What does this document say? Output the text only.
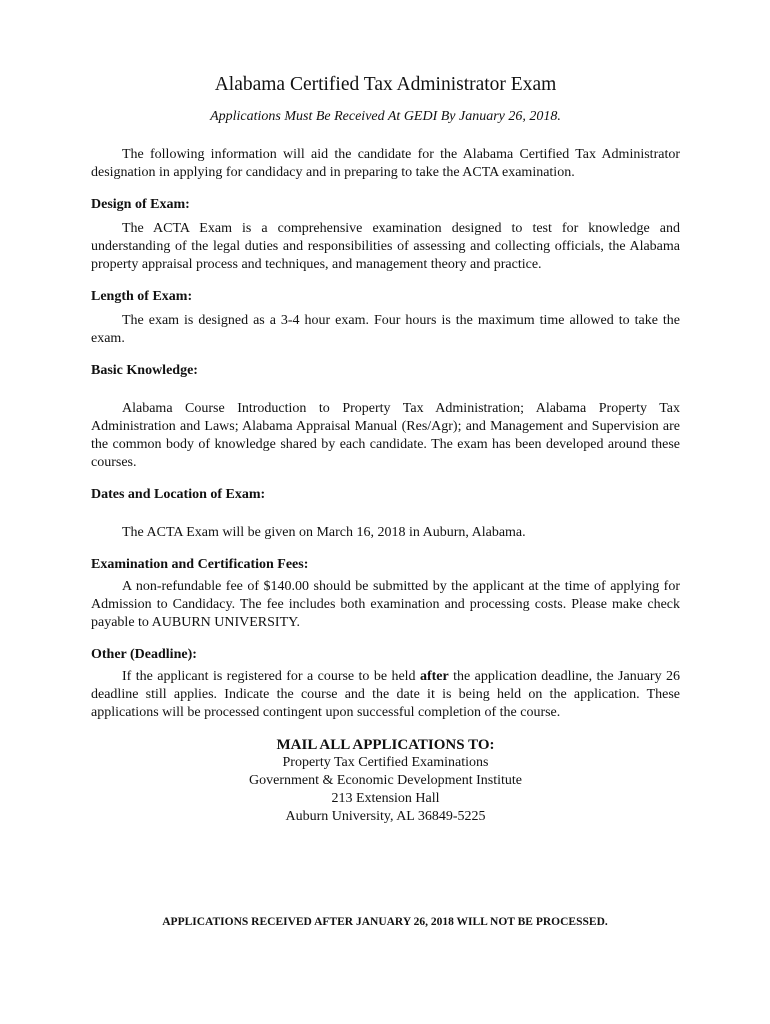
Alabama Certified Tax Administrator Exam
Applications Must Be Received At GEDI By January 26, 2018.

The following information will aid the candidate for the Alabama Certified Tax Administrator designation in applying for candidacy and in preparing to take the ACTA examination.

Design of Exam:

The ACTA Exam is a comprehensive examination designed to test for knowledge and understanding of the legal duties and responsibilities of assessing and collecting officials, the Alabama property appraisal process and techniques, and management theory and practice.

Length of Exam:

The exam is designed as a 3-4 hour exam. Four hours is the maximum time allowed to take the exam.

Basic Knowledge:

Alabama Course Introduction to Property Tax Administration; Alabama Property Tax Administration and Laws; Alabama Appraisal Manual (Res/Agr); and Management and Supervision are the common body of knowledge shared by each candidate. The exam has been developed around these courses.

Dates and Location of Exam:

The ACTA Exam will be given on March 16, 2018 in Auburn, Alabama.

Examination and Certification Fees:

A non-refundable fee of $140.00 should be submitted by the applicant at the time of applying for Admission to Candidacy. The fee includes both examination and processing costs. Please make check payable to AUBURN UNIVERSITY.

Other (Deadline):

If the applicant is registered for a course to be held after the application deadline, the January 26 deadline still applies. Indicate the course and the date it is being held on the application. These applications will be processed contingent upon successful completion of the course.

MAIL ALL APPLICATIONS TO:
Property Tax Certified Examinations
Government & Economic Development Institute
213 Extension Hall
Auburn University, AL 36849-5225
APPLICATIONS RECEIVED AFTER JANUARY 26, 2018 WILL NOT BE PROCESSED.
